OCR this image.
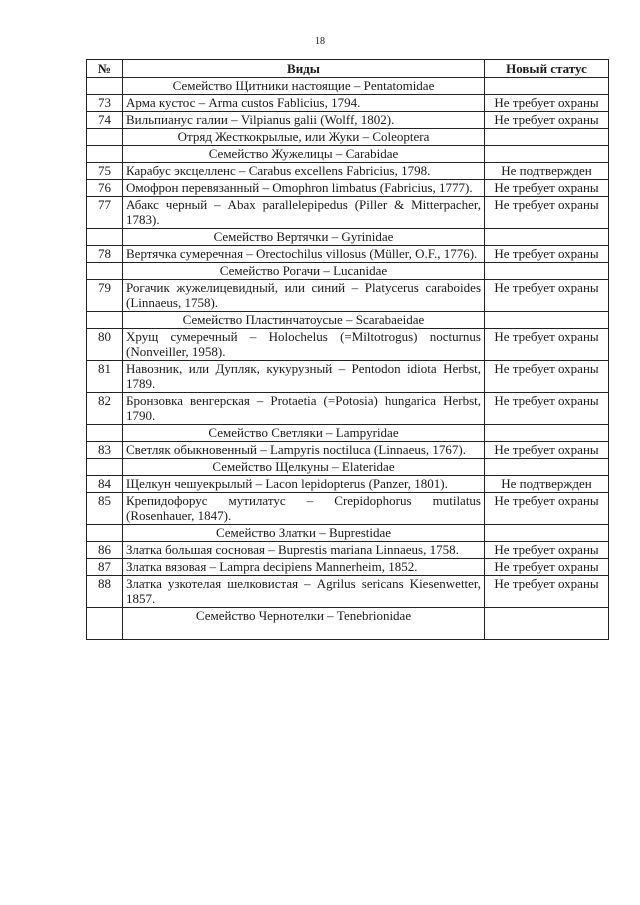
18
№	Виды	Новый статус
	Семейство Щитники настоящие – Pentatomidae	
73	Арма кустос – Arma custos Fablicius, 1794.	Не требует охраны
74	Вильпианус галии – Vilpianus galii (Wolff, 1802).	Не требует охраны
	Отряд Жесткокрылые, или Жуки – Coleoptera	
	Семейство Жужелицы – Carabidae	
75	Карабус эксцелленс – Carabus excellens Fabricius, 1798.	Не подтвержден
76	Омофрон перевязанный – Omophron limbatus (Fabricius, 1777).	Не требует охраны
77	Абакс черный – Abax parallelepipedus (Piller & Mitterpacher, 1783).	Не требует охраны
	Семейство Вертячки – Gyrinidae	
78	Вертячка сумеречная – Orectochilus villosus (Müller, O.F., 1776).	Не требует охраны
	Семейство Рогачи – Lucanidae	
79	Рогачик жужелицевидный, или синий – Platycerus caraboides (Linnaeus, 1758).	Не требует охраны
	Семейство Пластинчатоусые – Scarabaeidae	
80	Хрущ сумеречный – Holochelus (=Miltotrogus) nocturnus (Nonveiller, 1958).	Не требует охраны
81	Навозник, или Дупляк, кукурузный – Pentodon idiota Herbst, 1789.	Не требует охраны
82	Бронзовка венгерская – Protaetia (=Potosia) hungarica Herbst, 1790.	Не требует охраны
	Семейство Светляки – Lampyridae	
83	Светляк обыкновенный – Lampyris noctiluca (Linnaeus, 1767).	Не требует охраны
	Семейство Щелкуны – Elateridae	
84	Щелкун чешуекрылый – Lacon lepidopterus (Panzer, 1801).	Не подтвержден
85	Крепидофорус мутилатус – Crepidophorus mutilatus (Rosenhauer, 1847).	Не требует охраны
	Семейство Златки – Buprestidae	
86	Златка большая сосновая – Buprestis mariana Linnaeus, 1758.	Не требует охраны
87	Златка вязовая – Lampra decipiens Mannerheim, 1852.	Не требует охраны
88	Златка узкотелая шелковистая – Agrilus sericans Kiesenwetter, 1857.	Не требует охраны
	Семейство Чернотелки – Tenebrionidae	
